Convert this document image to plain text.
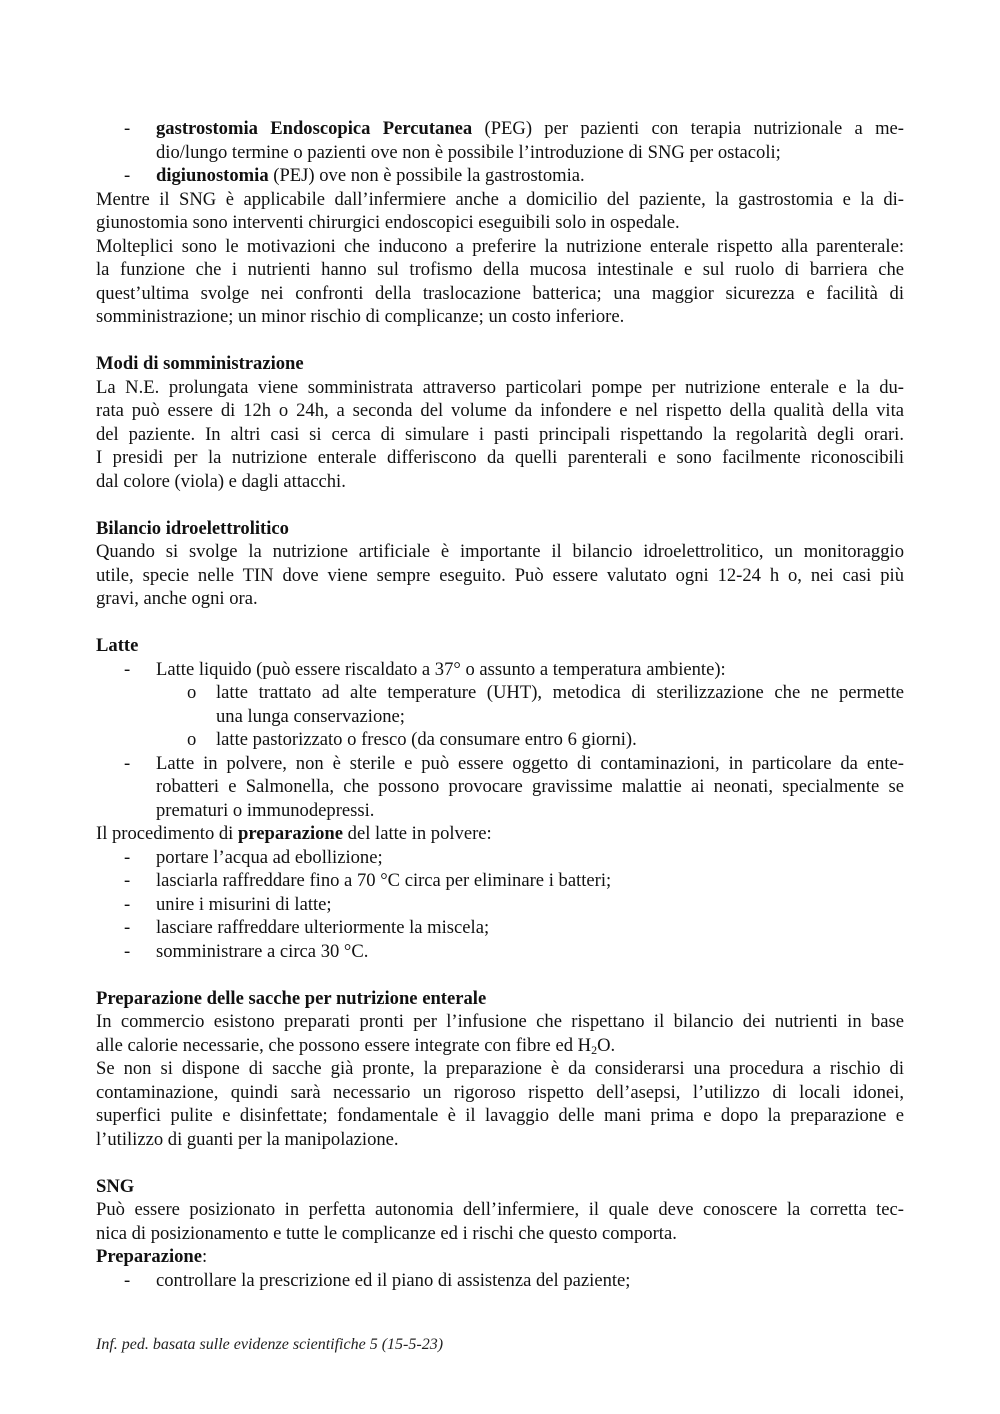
- gastrostomia Endoscopica Percutanea (PEG) per pazienti con terapia nutrizionale a me-
dio/lungo termine o pazienti ove non è possibile l’introduzione di SNG per ostacoli;
- digiunostomia (PEJ) ove non è possibile la gastrostomia.
Mentre il SNG è applicabile dall’infermiere anche a domicilio del paziente, la gastrostomia e la di-
giunostomia sono interventi chirurgici endoscopici eseguibili solo in ospedale.
Molteplici sono le motivazioni che inducono a preferire la nutrizione enterale rispetto alla parenterale:
la funzione che i nutrienti hanno sul trofismo della mucosa intestinale e sul ruolo di barriera che
quest’ultima svolge nei confronti della traslocazione batterica; una maggior sicurezza e facilità di
somministrazione; un minor rischio di complicanze; un costo inferiore.
Modi di somministrazione
La N.E. prolungata viene somministrata attraverso particolari pompe per nutrizione enterale e la du-
rata può essere di 12h o 24h, a seconda del volume da infondere e nel rispetto della qualità della vita
del paziente. In altri casi si cerca di simulare i pasti principali rispettando la regolarità degli orari.
I presidi per la nutrizione enterale differiscono da quelli parenterali e sono facilmente riconoscibili
dal colore (viola) e dagli attacchi.
Bilancio idroelettrolitico
Quando si svolge la nutrizione artificiale è importante il bilancio idroelettrolitico, un monitoraggio
utile, specie nelle TIN dove viene sempre eseguito. Può essere valutato ogni 12-24 h o, nei casi più
gravi, anche ogni ora.
Latte
- Latte liquido (può essere riscaldato a 37° o assunto a temperatura ambiente):
o latte trattato ad alte temperature (UHT), metodica di sterilizzazione che ne permette
una lunga conservazione;
o latte pastorizzato o fresco (da consumare entro 6 giorni).
- Latte in polvere, non è sterile e può essere oggetto di contaminazioni, in particolare da ente-
robatteri e Salmonella, che possono provocare gravissime malattie ai neonati, specialmente se
prematuri o immunodepressi.
Il procedimento di preparazione del latte in polvere:
- portare l’acqua ad ebollizione;
- lasciarla raffreddare fino a 70 °C circa per eliminare i batteri;
- unire i misurini di latte;
- lasciare raffreddare ulteriormente la miscela;
- somministrare a circa 30 °C.
Preparazione delle sacche per nutrizione enterale
In commercio esistono preparati pronti per l’infusione che rispettano il bilancio dei nutrienti in base
alle calorie necessarie, che possono essere integrate con fibre ed $H_2O$.
Se non si dispone di sacche già pronte, la preparazione è da considerarsi una procedura a rischio di
contaminazione, quindi sarà necessario un rigoroso rispetto dell’asepsi, l’utilizzo di locali idonei,
superfici pulite e disinfettate; fondamentale è il lavaggio delle mani prima e dopo la preparazione e
l’utilizzo di guanti per la manipolazione.
SNG
Può essere posizionato in perfetta autonomia dell’infermiere, il quale deve conoscere la corretta tec-
nica di posizionamento e tutte le complicanze ed i rischi che questo comporta.
Preparazione:
- controllare la prescrizione ed il piano di assistenza del paziente;
Inf. ped. basata sulle evidenze scientifiche 5 (15-5-23)
